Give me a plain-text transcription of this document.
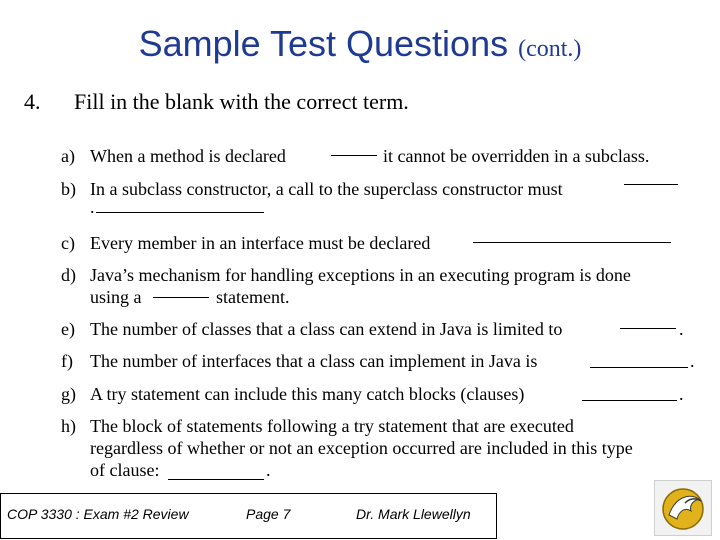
Sample Test Questions (cont.)
4. Fill in the blank with the correct term.
a) When a method is declared	it cannot be overridden in a subclass.
b) In a subclass constructor, a call to the superclass constructor must
.
c) Every member in an interface must be declared
d) Java’s mechanism for handling exceptions in an executing program is done
using a	statement.
e) The number of classes that a class can extend in Java is limited to	.
f) The number of interfaces that a class can implement in Java is	.
g) A try statement can include this many catch blocks (clauses)	.
h) The block of statements following a try statement that are executed
regardless of whether or not an exception occurred are included in this type
of clause:	.
COP 3330 : Exam #2 Review	Page 7	Dr. Mark Llewellyn
